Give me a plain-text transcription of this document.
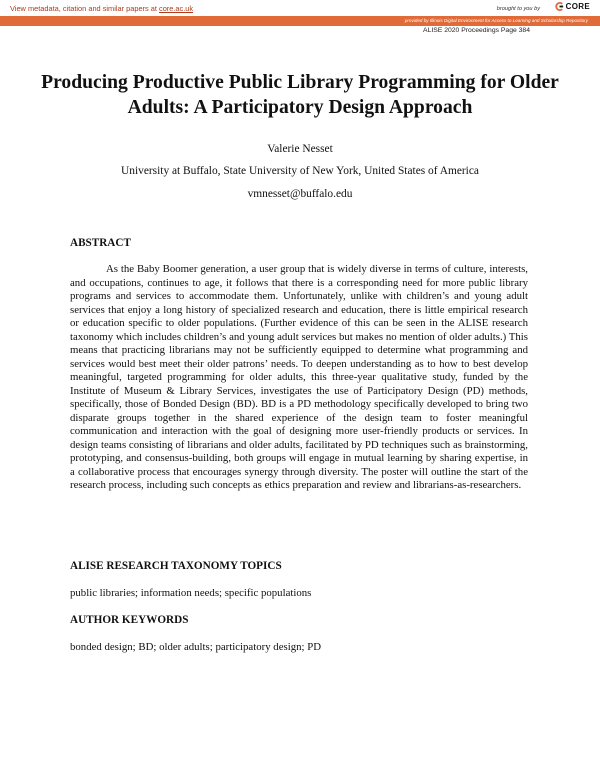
View metadata, citation and similar papers at core.ac.uk	brought to you by	CORE
provided by Illinois Digital Environment for Access to Learning and Scholarship Repository
ALISE 2020 Proceedings Page 384
Producing Productive Public Library Programming for Older Adults: A Participatory Design Approach
Valerie Nesset
University at Buffalo, State University of New York, United States of America
vmnesset@buffalo.edu
ABSTRACT

As the Baby Boomer generation, a user group that is widely diverse in terms of culture, interests, and occupations, continues to age, it follows that there is a corresponding need for more public library programs and services to accommodate them. Unfortunately, unlike with children’s and young adult services that enjoy a long history of specialized research and education, there is little empirical research or education specific to older populations. (Further evidence of this can be seen in the ALISE research taxonomy which includes children’s and young adult services but makes no mention of older adults.) This means that practicing librarians may not be sufficiently equipped to determine what programming and services would best meet their older patrons’ needs. To deepen understanding as to how to best develop meaningful, targeted programming for older adults, this three-year qualitative study, funded by the Institute of Museum & Library Services, investigates the use of Participatory Design (PD) methods, specifically, those of Bonded Design (BD). BD is a PD methodology specifically developed to bring two disparate groups together in the shared experience of the design team to foster meaningful communication and interaction with the goal of designing more user-friendly products or services. In design teams consisting of librarians and older adults, facilitated by PD techniques such as brainstorming, prototyping, and consensus-building, both groups will engage in mutual learning by sharing expertise, in a collaborative process that encourages synergy through diversity. The poster will outline the start of the research process, including such concepts as ethics preparation and review and librarians-as-researchers.

ALISE RESEARCH TAXONOMY TOPICS
public libraries; information needs; specific populations
AUTHOR KEYWORDS
bonded design; BD; older adults; participatory design; PD
